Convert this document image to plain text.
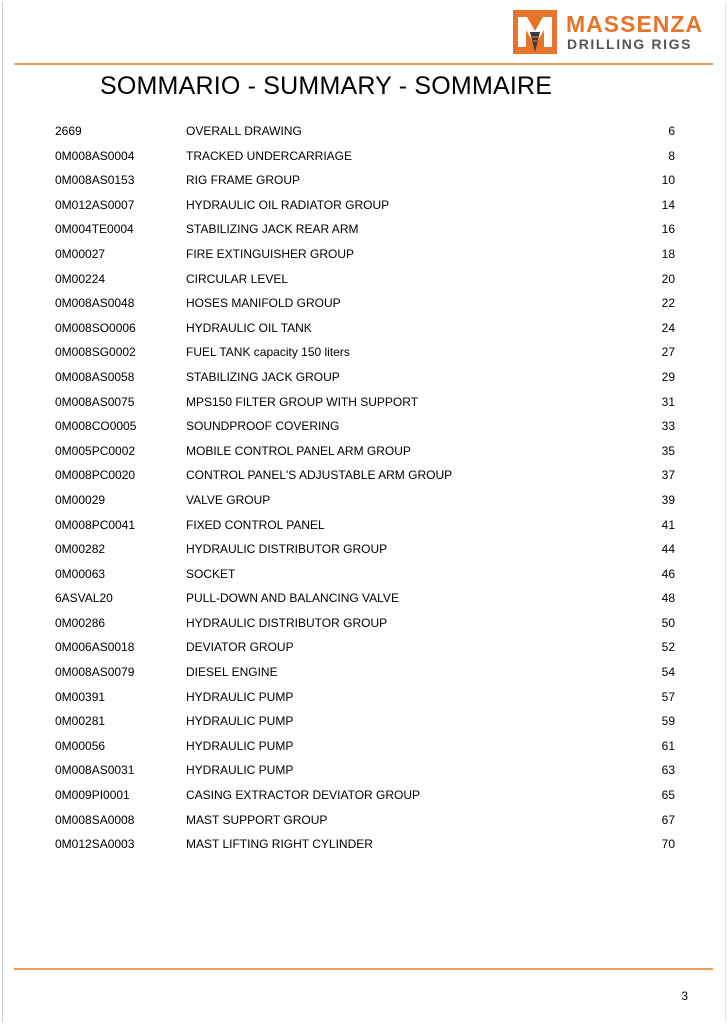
MASSENZA
DRILLING RIGS
SOMMARIO - SUMMARY - SOMMAIRE
2669	OVERALL DRAWING	6
0M008AS0004	TRACKED UNDERCARRIAGE	8
0M008AS0153	RIG FRAME GROUP	10
0M012AS0007	HYDRAULIC OIL RADIATOR GROUP	14
0M004TE0004	STABILIZING JACK REAR ARM	16
0M00027	FIRE EXTINGUISHER GROUP	18
0M00224	CIRCULAR LEVEL	20
0M008AS0048	HOSES MANIFOLD GROUP	22
0M008SO0006	HYDRAULIC OIL TANK	24
0M008SG0002	FUEL TANK capacity 150 liters	27
0M008AS0058	STABILIZING JACK GROUP	29
0M008AS0075	MPS150 FILTER GROUP WITH SUPPORT	31
0M008CO0005	SOUNDPROOF COVERING	33
0M005PC0002	MOBILE CONTROL PANEL ARM GROUP	35
0M008PC0020	CONTROL PANEL'S ADJUSTABLE ARM GROUP	37
0M00029	VALVE GROUP	39
0M008PC0041	FIXED CONTROL PANEL	41
0M00282	HYDRAULIC DISTRIBUTOR GROUP	44
0M00063	SOCKET	46
6ASVAL20	PULL-DOWN AND BALANCING VALVE	48
0M00286	HYDRAULIC DISTRIBUTOR GROUP	50
0M006AS0018	DEVIATOR GROUP	52
0M008AS0079	DIESEL ENGINE	54
0M00391	HYDRAULIC PUMP	57
0M00281	HYDRAULIC PUMP	59
0M00056	HYDRAULIC PUMP	61
0M008AS0031	HYDRAULIC PUMP	63
0M009PI0001	CASING EXTRACTOR DEVIATOR GROUP	65
0M008SA0008	MAST SUPPORT GROUP	67
0M012SA0003	MAST LIFTING RIGHT CYLINDER	70
3
